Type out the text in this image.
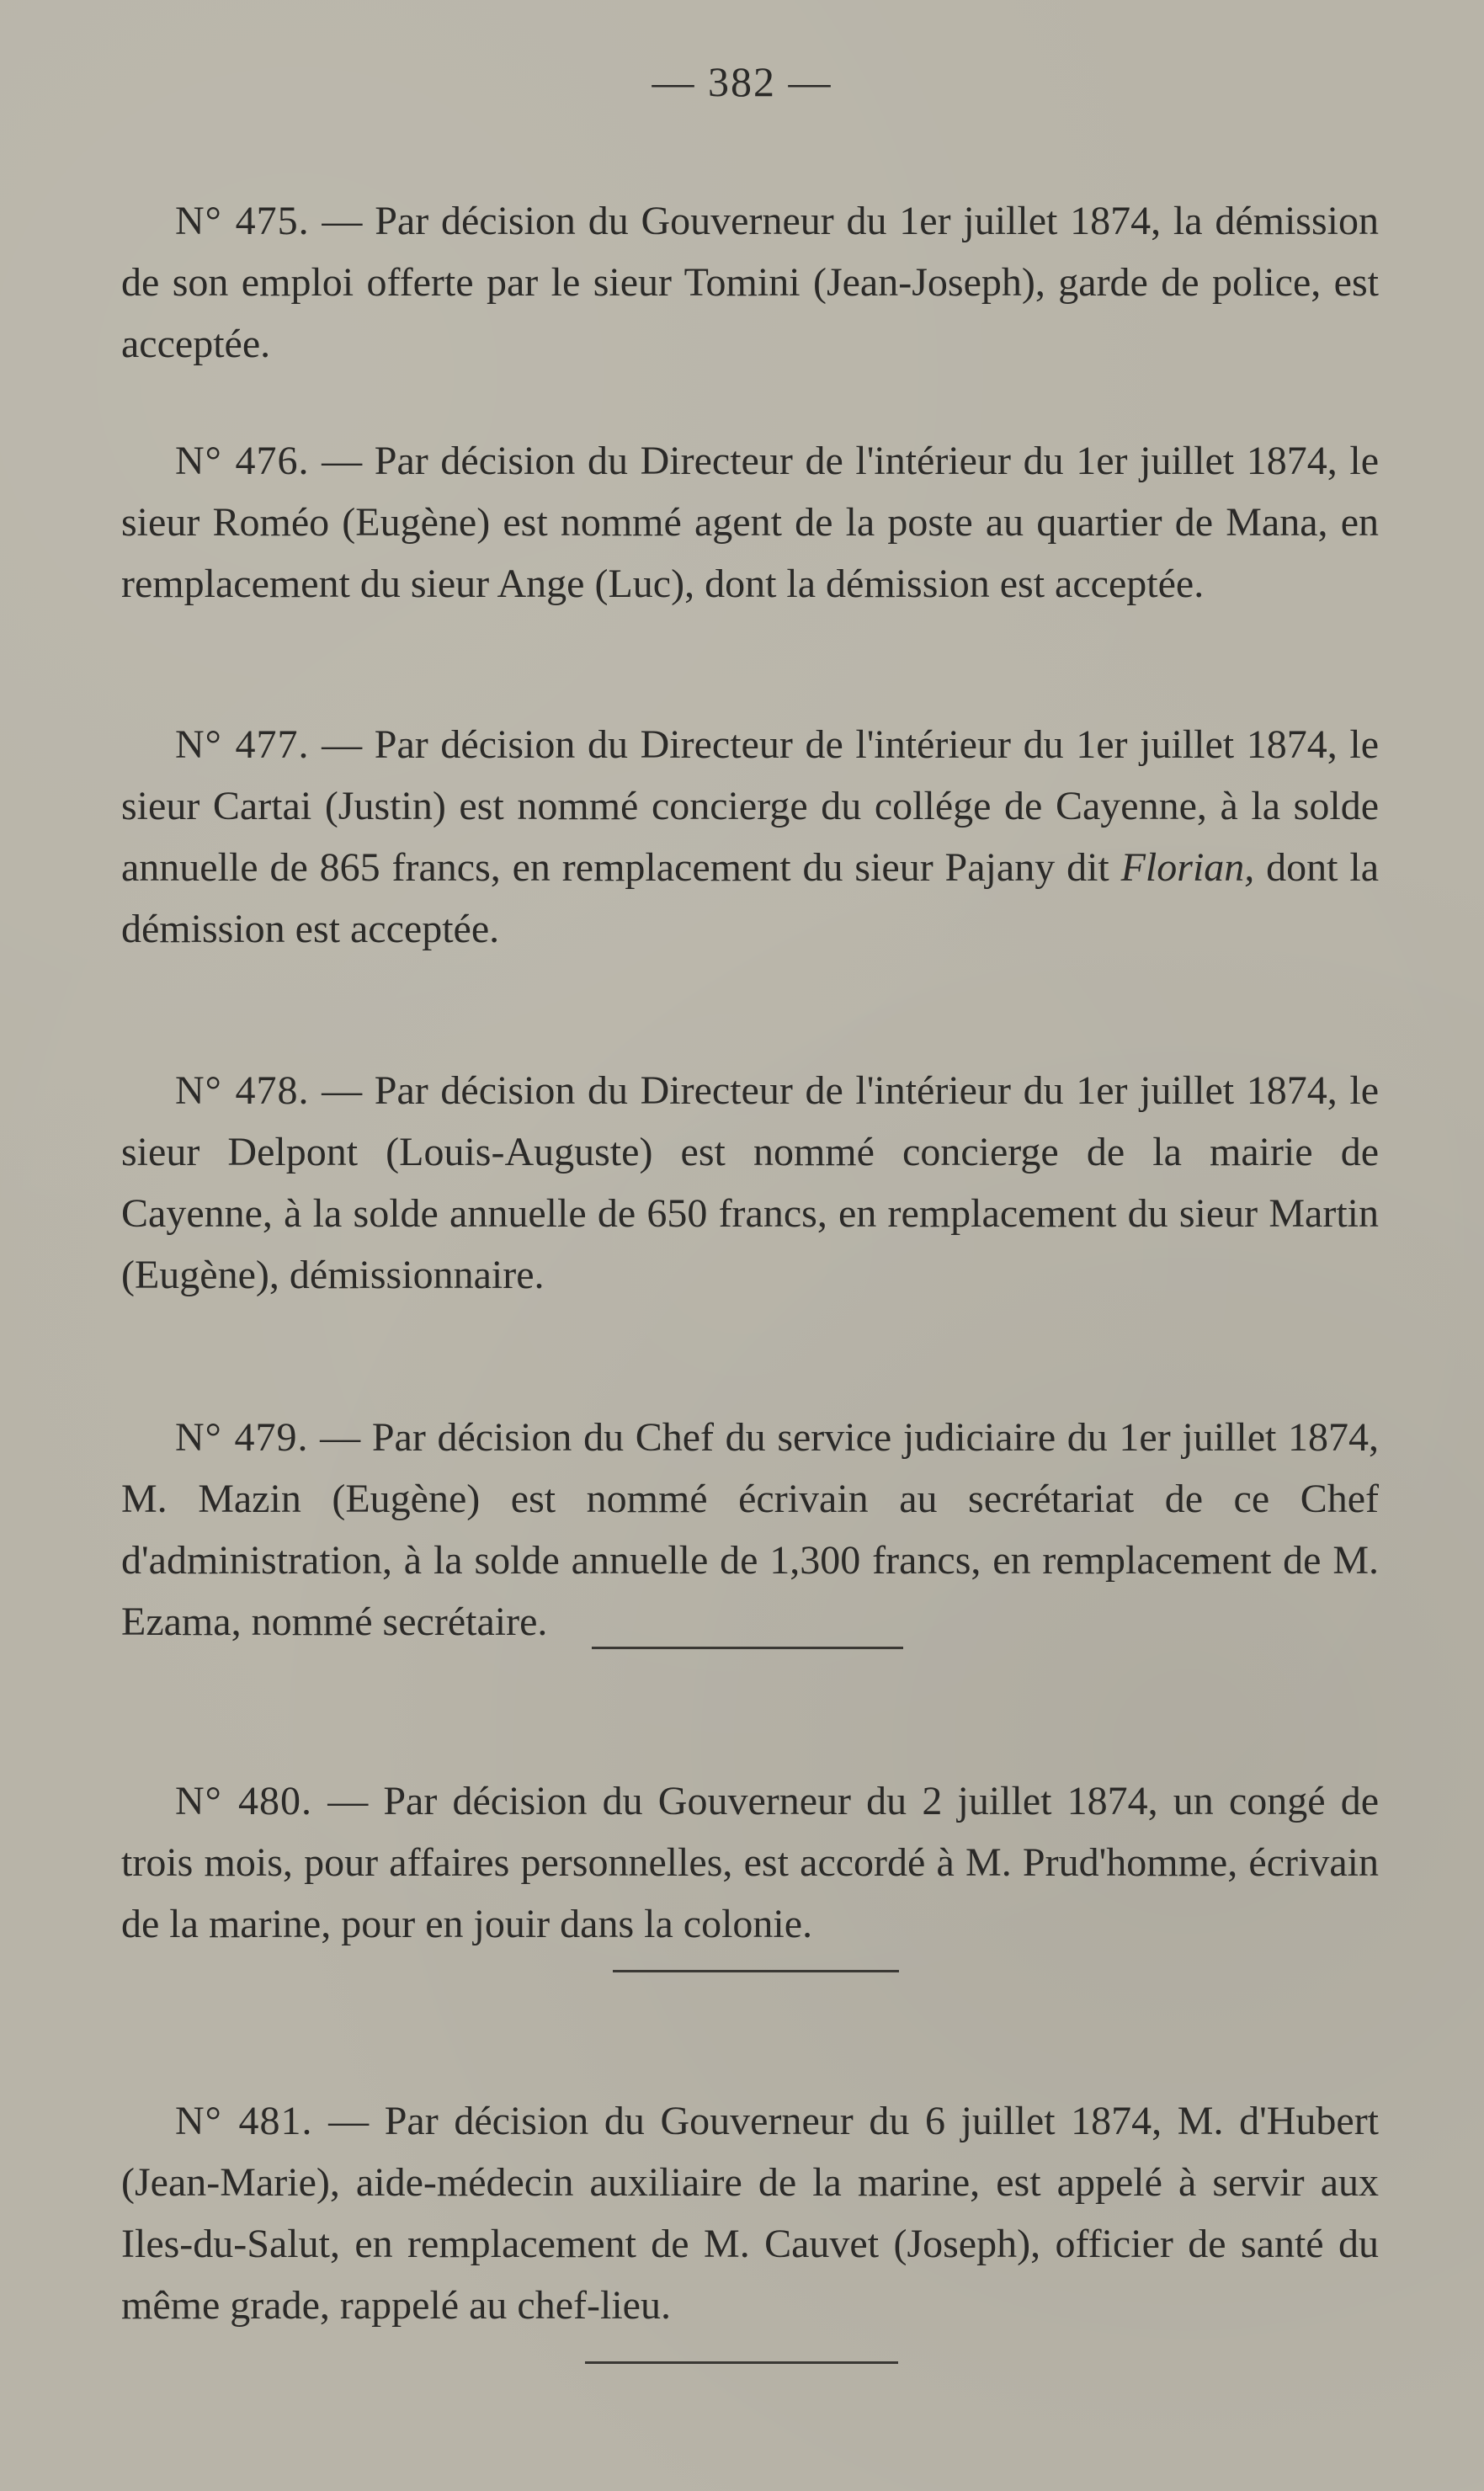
— 382 —

N° 475. — Par décision du Gouverneur du 1er juillet 1874, la démission de son emploi offerte par le sieur Tomini (Jean-Joseph), garde de police, est acceptée.

N° 476. — Par décision du Directeur de l'intérieur du 1er juillet 1874, le sieur Roméo (Eugène) est nommé agent de la poste au quartier de Mana, en remplacement du sieur Ange (Luc), dont la démission est acceptée.

N° 477. — Par décision du Directeur de l'intérieur du 1er juillet 1874, le sieur Cartai (Justin) est nommé concierge du collége de Cayenne, à la solde annuelle de 865 francs, en remplacement du sieur Pajany dit Florian, dont la démission est acceptée.

N° 478. — Par décision du Directeur de l'intérieur du 1er juillet 1874, le sieur Delpont (Louis-Auguste) est nommé concierge de la mairie de Cayenne, à la solde annuelle de 650 francs, en remplacement du sieur Martin (Eugène), démissionnaire.

N° 479. — Par décision du Chef du service judiciaire du 1er juillet 1874, M. Mazin (Eugène) est nommé écrivain au secrétariat de ce Chef d'administration, à la solde annuelle de 1,300 francs, en remplacement de M. Ezama, nommé secrétaire.

N° 480. — Par décision du Gouverneur du 2 juillet 1874, un congé de trois mois, pour affaires personnelles, est accordé à M. Prud'homme, écrivain de la marine, pour en jouir dans la colonie.

N° 481. — Par décision du Gouverneur du 6 juillet 1874, M. d'Hubert (Jean-Marie), aide-médecin auxiliaire de la marine, est appelé à servir aux Iles-du-Salut, en remplacement de M. Cauvet (Joseph), officier de santé du même grade, rappelé au chef-lieu.
